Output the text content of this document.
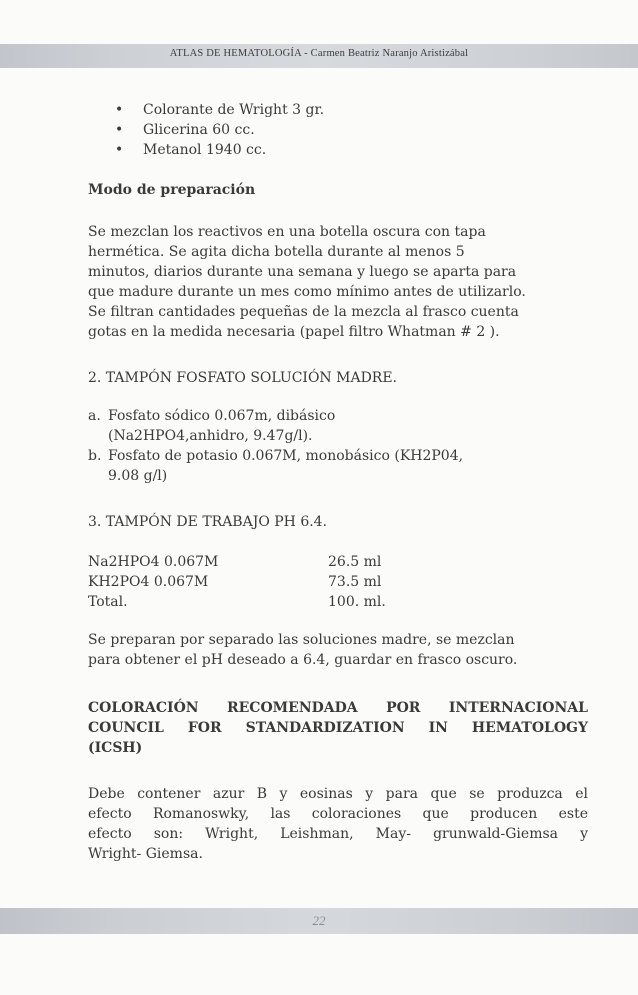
ATLAS DE HEMATOLOGÍA - Carmen Beatriz Naranjo Aristizábal
• Colorante de Wright 3 gr.
• Glicerina 60 cc.
• Metanol 1940 cc.
Modo de preparación
Se mezclan los reactivos en una botella oscura con tapa
hermética. Se agita dicha botella durante al menos 5
minutos, diarios durante una semana y luego se aparta para
que madure durante un mes como mínimo antes de utilizarlo.
Se filtran cantidades pequeñas de la mezcla al frasco cuenta
gotas en la medida necesaria (papel filtro Whatman # 2 ).
2. TAMPÓN FOSFATO SOLUCIÓN MADRE.
a. Fosfato sódico 0.067m, dibásico
(Na2HPO4,anhidro, 9.47g/l).
b. Fosfato de potasio 0.067M, monobásico (KH2P04,
9.08 g/l)
3. TAMPÓN DE TRABAJO PH 6.4.
Na2HPO4 0.067M	26.5 ml
KH2PO4 0.067M	73.5 ml
Total.	100. ml.
Se preparan por separado las soluciones madre, se mezclan
para obtener el pH deseado a 6.4, guardar en frasco oscuro.
COLORACIÓN RECOMENDADA POR INTERNACIONAL
COUNCIL FOR STANDARDIZATION IN HEMATOLOGY
(ICSH)
Debe contener azur B y eosinas y para que se produzca el
efecto Romanoswky, las coloraciones que producen este
efecto son: Wright, Leishman, May- grunwald-Giemsa y
Wright- Giemsa.
22
